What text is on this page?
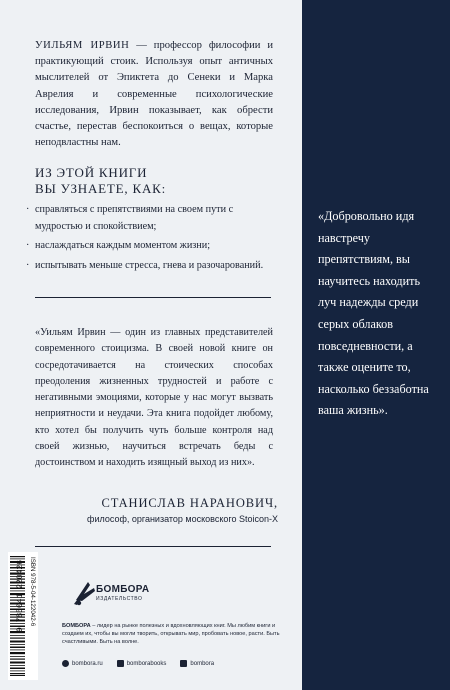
УИЛЬЯМ ИРВИН — профессор философии и практикующий стоик. Используя опыт античных мыслителей от Эпиктета до Сенеки и Марка Аврелия и современные психологические исследования, Ирвин показывает, как обрести счастье, перестав беспокоиться о вещах, которые неподвластны нам.

ИЗ ЭТОЙ КНИГИ
ВЫ УЗНАЕТЕ, КАК:
· справляться с препятствиями на своем пути с мудростью и спокойствием;
· наслаждаться каждым моментом жизни;
· испытывать меньше стресса, гнева и разочарований.

«Уильям Ирвин — один из главных представителей современного стоицизма. В своей новой книге он сосредотачивается на стоических способах преодоления жизненных трудностей и работе с негативными эмоциями, которые у нас могут вызвать неприятности и неудачи. Эта книга подойдет любому, кто хотел бы получить чуть больше контроля над своей жизнью, научиться встречать беды с достоинством и находить изящный выход из них».

СТАНИСЛАВ НАРАНОВИЧ,
философ, организатор московского Stoicon-X
ISBN 978-5-04-122042-6
9 785041 220426	БОМБОРА
ИЗДАТЕЛЬСТВО

БОМБОРА – лидер на рынке полезных и вдохновляющих книг. Мы любим книги и создаем их, чтобы вы могли творить, открывать мир, пробовать новое, расти. Быть счастливыми. Быть на волне.

bombora.ru	bomborabooks	bombora

«Добровольно идя навстречу препятствиям, вы научитесь находить луч надежды среди серых облаков повседневности, а также оцените то, насколько беззаботна ваша жизнь».
